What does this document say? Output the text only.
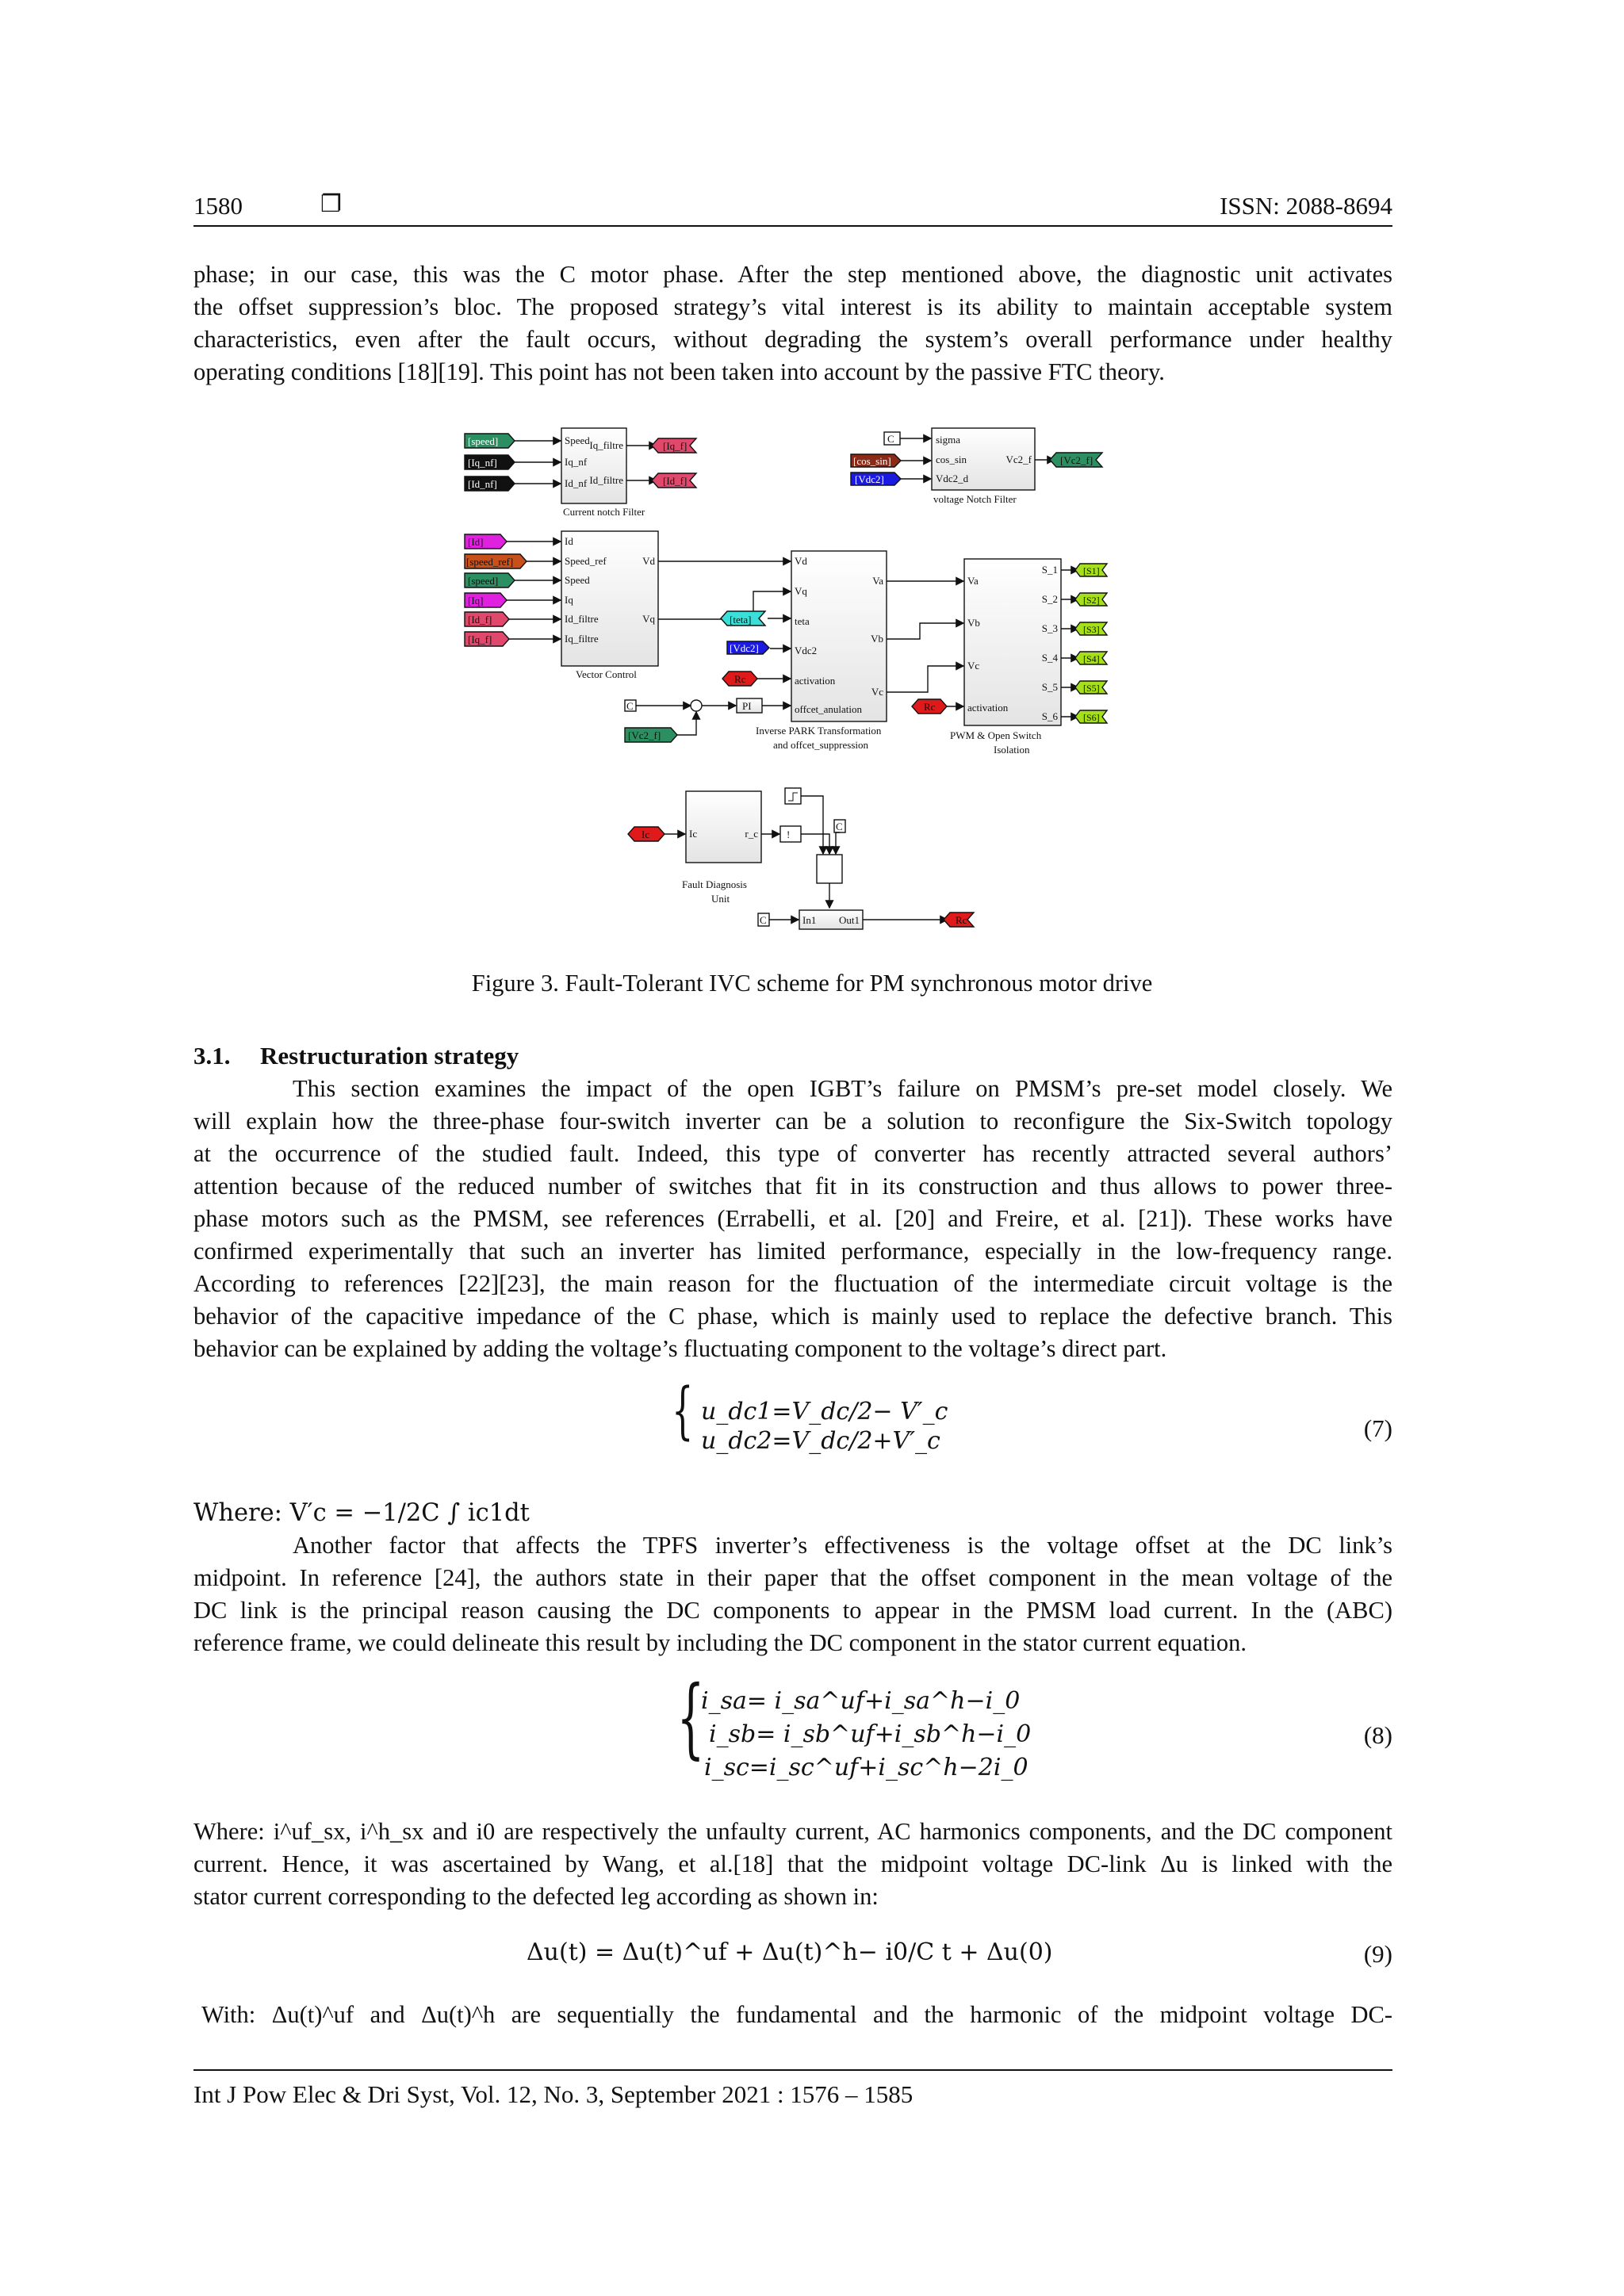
1580	❐	ISSN: 2088-8694
phase; in our case, this was the C motor phase. After the step mentioned above, the diagnostic unit activates
the offset suppression’s bloc. The proposed strategy’s vital interest is its ability to maintain acceptable system
characteristics, even after the fault occurs, without degrading the system’s overall performance under healthy
operating conditions [18][19]. This point has not been taken into account by the passive FTC theory.
Current notch Filter
Speed
Iq_nf
Id_nf
Iq_filtre
Id_filtre
[speed]
[Iq_nf]
[Id_nf]
[Iq_f]
[Id_f]
voltage Notch Filter
sigma
cos_sin
Vdc2_d
Vc2_f
C
[cos_sin]
[Vdc2]
[Vc2_f]
Vector Control
Id
Speed_ref
Speed
Iq
Id_filtre
Iq_filtre
Vd
Vq
[Id]
[speed_ref]
[speed]
[Iq]
[Id_f]
[Iq_f]
Inverse PARK Transformation
and offcet_suppression
Vd
Vq
teta
Vdc2
activation
offcet_anulation
Va
Vb
Vc
[teta]
[Vdc2]
Rc
C	PI
[Vc2_f]	PWM & Open Switch
Isolation
Va
Vb
Vc
activation
S_1
S_2
S_3
S_4
S_5
S_6
Rc
[S1]
[S2]
[S3]
[S4]
[S5]
[S6]
Fault Diagnosis
Unit
Ic	r_c
Ic	!
C
C	In1 Out1	Rc
Figure 3. Fault-Tolerant IVC scheme for PM synchronous motor drive
3.1. Restructuration strategy
This section examines the impact of the open IGBT’s failure on PMSM’s pre-set model closely. We
will explain how the three-phase four-switch inverter can be a solution to reconfigure the Six-Switch topology
at the occurrence of the studied fault. Indeed, this type of converter has recently attracted several authors’
attention because of the reduced number of switches that fit in its construction and thus allows to power three-
phase motors such as the PMSM, see references (Errabelli, et al. [20] and Freire, et al. [21]). These works have
confirmed experimentally that such an inverter has limited performance, especially in the low-frequency range.
According to references [22][23], the main reason for the fluctuation of the intermediate circuit voltage is the
behavior of the capacitive impedance of the C phase, which is mainly used to replace the defective branch. This
behavior can be explained by adding the voltage’s fluctuating component to the voltage’s direct part.
{ u_dc1=V_dc/2− V′_c
u_dc2=V_dc/2+V′_c	(7)
Where: V′c = −1/2C ∫ ic1dt
Another factor that affects the TPFS inverter’s effectiveness is the voltage offset at the DC link’s
midpoint. In reference [24], the authors state in their paper that the offset component in the mean voltage of the
DC link is the principal reason causing the DC components to appear in the PMSM load current. In the (ABC)
reference frame, we could delineate this result by including the DC component in the stator current equation.
{
i_sa= i_sa^uf+i_sa^h−i_0
i_sb= i_sb^uf+i_sb^h−i_0
i_sc=i_sc^uf+i_sc^h−2i_0
(8)
Where: i^uf_sx, i^h_sx and i0 are respectively the unfaulty current, AC harmonics components, and the DC component
current. Hence, it was ascertained by Wang, et al.[18] that the midpoint voltage DC-link Δu is linked with the
stator current corresponding to the defected leg according as shown in:
Δu(t) = Δu(t)^uf + Δu(t)^h− i0/C t + Δu(0)	(9)
With: Δu(t)^uf and Δu(t)^h are sequentially the fundamental and the harmonic of the midpoint voltage DC-
Int J Pow Elec & Dri Syst, Vol. 12, No. 3, September 2021 : 1576 – 1585
